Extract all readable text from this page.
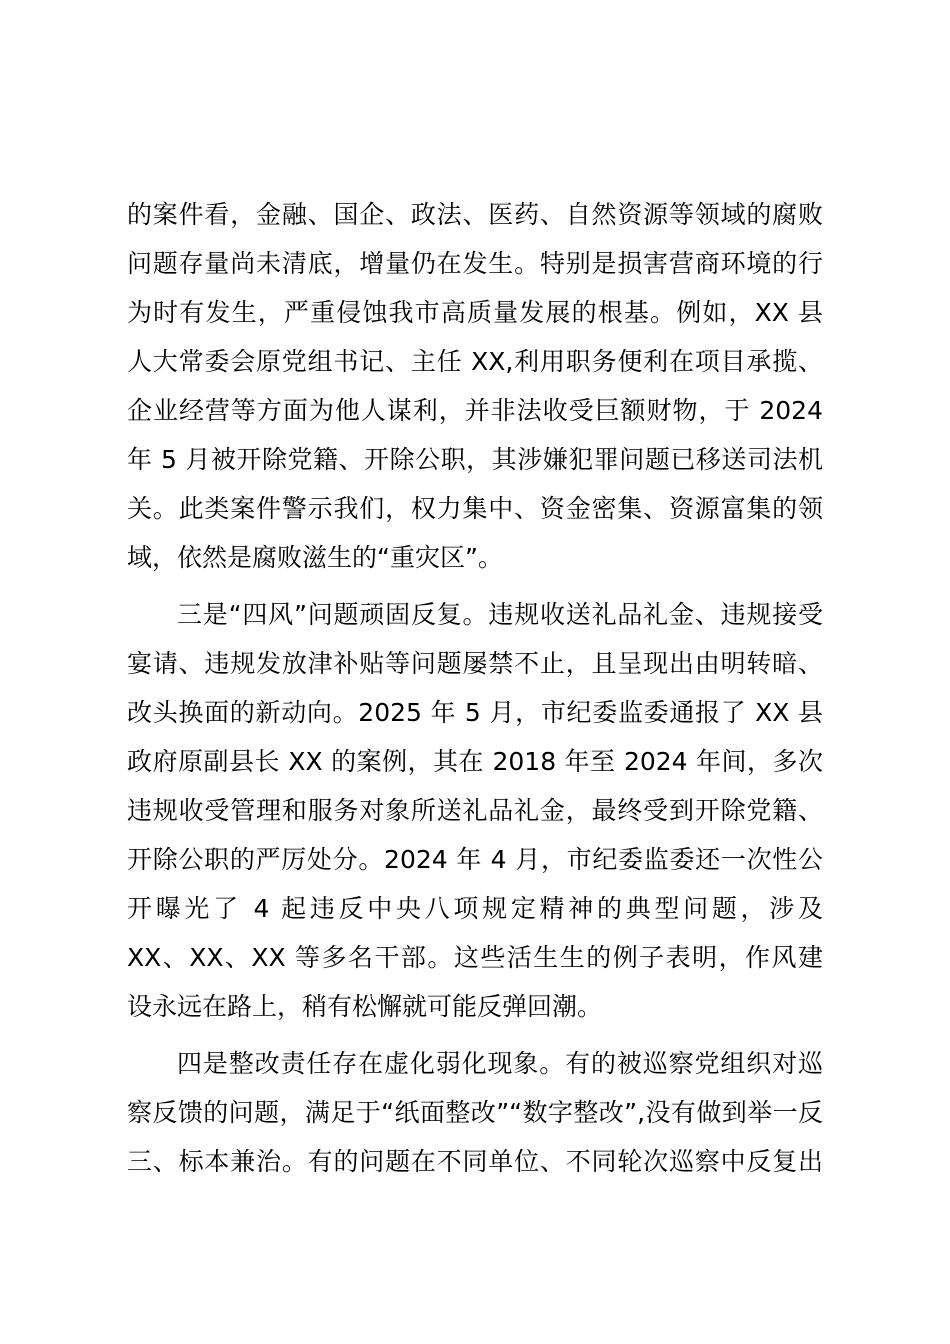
的案件看，金融、国企、政法、医药、自然资源等领域的腐败
问题存量尚未清底，增量仍在发生。特别是损害营商环境的行
为时有发生，严重侵蚀我市高质量发展的根基。例如，XX 县
人大常委会原党组书记、主任 XX,利用职务便利在项目承揽、
企业经营等方面为他人谋利，并非法收受巨额财物，于 2024
年 5 月被开除党籍、开除公职，其涉嫌犯罪问题已移送司法机
关。此类案件警示我们，权力集中、资金密集、资源富集的领
域，依然是腐败滋生的“重灾区”。
三是“四风”问题顽固反复。违规收送礼品礼金、违规接受
宴请、违规发放津补贴等问题屡禁不止，且呈现出由明转暗、
改头换面的新动向。2025 年 5 月，市纪委监委通报了 XX 县
政府原副县长 XX 的案例，其在 2018 年至 2024 年间，多次
违规收受管理和服务对象所送礼品礼金，最终受到开除党籍、
开除公职的严厉处分。2024 年 4 月，市纪委监委还一次性公
开曝光了 4 起违反中央八项规定精神的典型问题，涉及
XX、XX、XX 等多名干部。这些活生生的例子表明，作风建
设永远在路上，稍有松懈就可能反弹回潮。
四是整改责任存在虚化弱化现象。有的被巡察党组织对巡
察反馈的问题，满足于“纸面整改”“数字整改”,没有做到举一反
三、标本兼治。有的问题在不同单位、不同轮次巡察中反复出
